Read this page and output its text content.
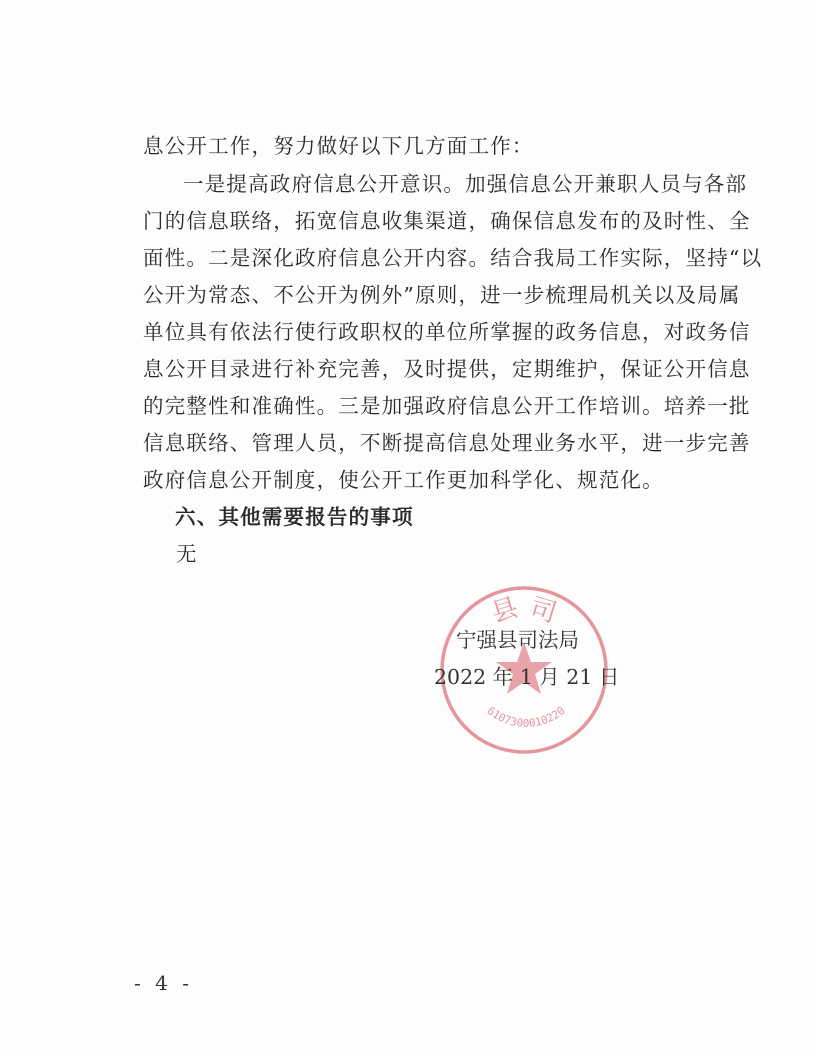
息公开工作，努力做好以下几方面工作：
一是提高政府信息公开意识。加强信息公开兼职人员与各部
门的信息联络，拓宽信息收集渠道，确保信息发布的及时性、全
面性。二是深化政府信息公开内容。结合我局工作实际，坚持“以
公开为常态、不公开为例外”原则，进一步梳理局机关以及局属
单位具有依法行使行政职权的单位所掌握的政务信息，对政务信
息公开目录进行补充完善，及时提供，定期维护，保证公开信息
的完整性和准确性。三是加强政府信息公开工作培训。培养一批
信息联络、管理人员，不断提高信息处理业务水平，进一步完善
政府信息公开制度，使公开工作更加科学化、规范化。
六、其他需要报告的事项
无
县 司
6107300010220
宁强县司法局
2022 年 1 月 21 日
- 4 -
